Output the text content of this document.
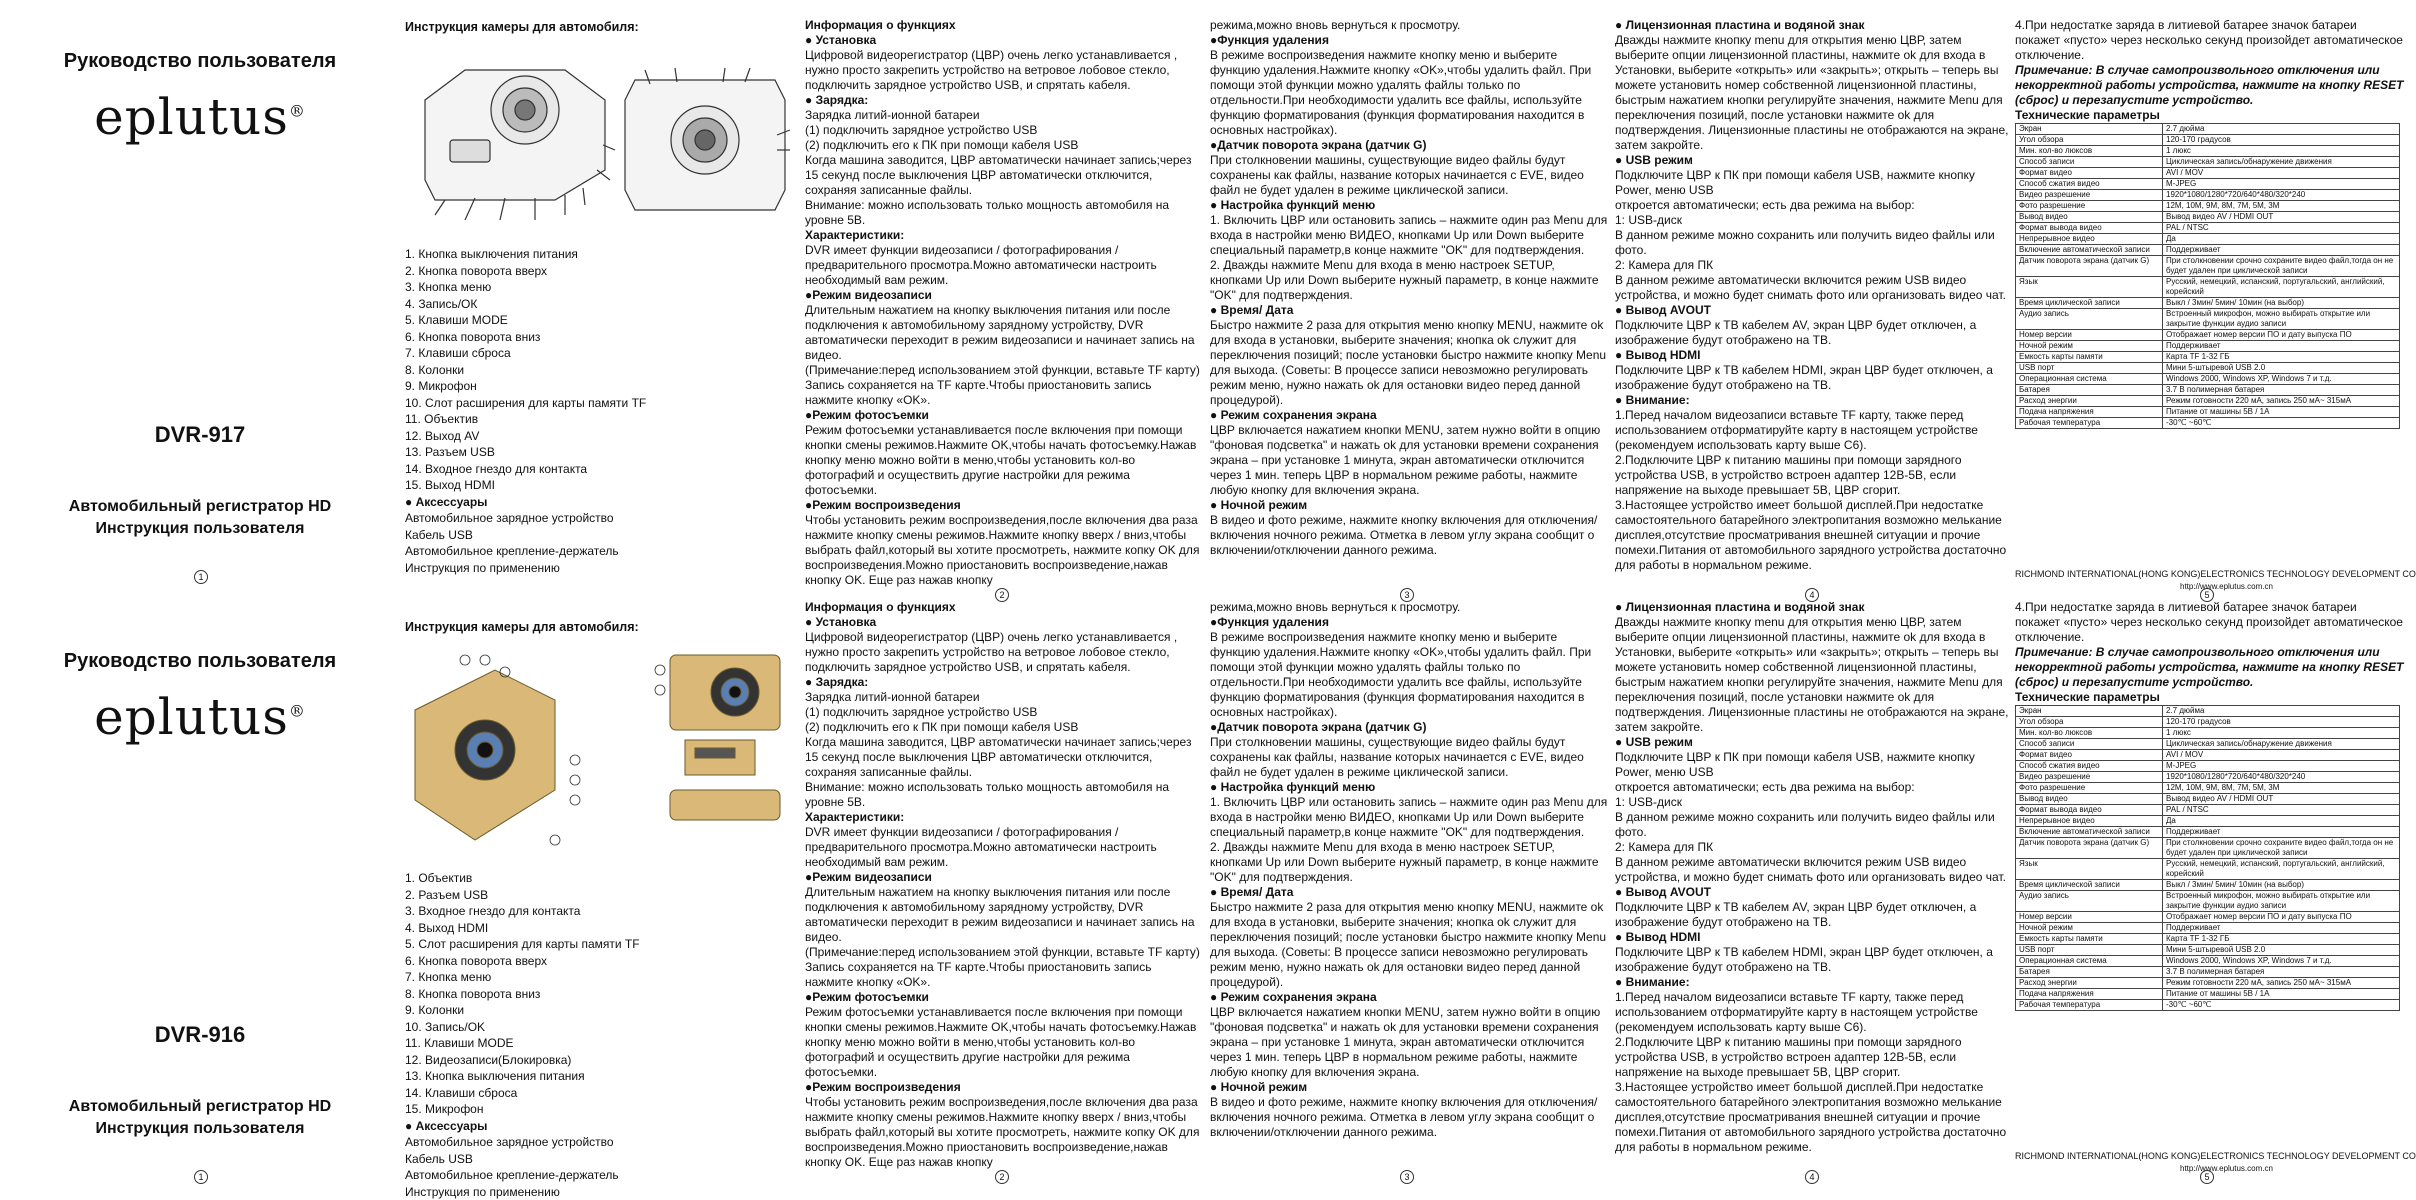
Руководство пользователя
eplutus®
DVR-917
Автомобильный регистратор HD
Инструкция пользователя
1
Инструкция камеры для автомобиля:
1. Кнопка выключения питания
2. Кнопка поворота вверх
3. Кнопка меню
4. Запись/ОК
5. Клавиши MODE
6. Кнопка поворота вниз
7. Клавиши сброса
8. Колонки
9. Микрофон
10. Слот расширения для карты памяти TF
11. Объектив
12. Выход AV
13. Разъем USB
14. Входное гнездо для контакта
15. Выход HDMI
● Аксессуары
Автомобильное зарядное устройство
Кабель USB
Автомобильное крепление-держатель
Инструкция по применению

Информация о функциях

● Установка

Цифровой видеорегистратор (ЦВР) очень легко устанавливается , нужно просто закрепить устройство на ветровое лобовое стекло, подключить зарядное устройство USB, и спрятать кабеля.

● Зарядка:

Зарядка литий-ионной батареи

(1) подключить зарядное устройство USB

(2) подключить его к ПК при помощи кабеля USB

Когда машина заводится, ЦВР автоматически начинает запись;через 15 секунд после выключения ЦВР автоматически отключится, сохраняя записанные файлы.

Внимание: можно использовать только мощность автомобиля на уровне 5В.

Характеристики:

DVR имеет функции видеозаписи / фотографирования / предварительного просмотра.Можно автоматически настроить необходимый вам режим.

●Режим видеозаписи

Длительным нажатием на кнопку выключения питания или после подключения к автомобильному зарядному устройству, DVR автоматически переходит в режим видеозаписи и начинает запись на видео.

(Примечание:перед использованием этой функции, вставьте TF карту) Запись сохраняется на TF карте.Чтобы приостановить запись нажмите кнопку «OK».

●Режим фотосъемки

Режим фотосъемки устанавливается после включения при помощи кнопки смены режимов.Нажмите OK,чтобы начать фотосъемку.Нажав кнопку меню можно войти в меню,чтобы установить кол-во фотографий и осуществить другие настройки для режима фотосъемки.

●Режим воспроизведения

Чтобы установить режим воспроизведения,после включения два раза нажмите кнопку смены режимов.Нажмите кнопку вверх / вниз,чтобы выбрать файл,который вы хотите просмотреть, нажмите копку OK для воспроизведения.Можно приостановить воспроизведение,нажав кнопку OK. Еще раз нажав кнопку

2

режима,можно вновь вернуться к просмотру.

●Функция удаления

В режиме воспроизведения нажмите кнопку меню и выберите функцию удаления.Нажмите кнопку «OK»,чтобы удалить файл. При помощи этой функции можно удалять файлы только по отдельности.При необходимости удалить все файлы, используйте функцию форматирования (функция форматирования находится в основных настройках).

●Датчик поворота экрана (датчик G)

При столкновении машины, существующие видео файлы будут сохранены как файлы, название которых начинается с EVE, видео файл не будет удален в режиме циклической записи.

● Настройка функций меню

1. Включить ЦВР или остановить запись – нажмите один раз Menu для входа в настройки меню ВИДЕО, кнопками Up или Down выберите специальный параметр,в конце нажмите "OK" для подтверждения.

2. Дважды нажмите Menu для входа в меню настроек SETUP, кнопками Up или Down выберите нужный параметр, в конце нажмите "OK" для подтверждения.

● Время/ Дата

Быстро нажмите 2 раза для открытия меню кнопку MENU, нажмите ok для входа в установки, выберите значения; кнопка ok служит для переключения позиций; после установки быстро нажмите кнопку Menu для выхода. (Советы: В процессе записи невозможно регулировать режим меню, нужно нажать ok для остановки видео перед данной процедурой).

● Режим сохранения экрана

ЦВР включается нажатием кнопки MENU, затем нужно войти в опцию "фоновая подсветка" и нажать ok для установки времени сохранения экрана – при установке 1 минута, экран автоматически отключится через 1 мин. теперь ЦВР в нормальном режиме работы, нажмите любую кнопку для включения экрана.

● Ночной режим

В видео и фото режиме, нажмите кнопку включения для отключения/включения ночного режима. Отметка в левом углу экрана сообщит о включении/отключении данного режима.

3

● Лицензионная пластина и водяной знак

Дважды нажмите кнопку menu для открытия меню ЦВР, затем выберите опции лицензионной пластины, нажмите ok для входа в Установки, выберите «открыть» или «закрыть»; открыть – теперь вы можете установить номер собственной лицензионной пластины, быстрым нажатием кнопки регулируйте значения, нажмите Menu для переключения позиций, после установки нажмите ok для подтверждения. Лицензионные пластины не отображаются на экране, затем закройте.

● USB режим

Подключите ЦВР к ПК при помощи кабеля USB, нажмите кнопку Power, меню USB

откроется автоматически; есть два режима на выбор:

1: USB-диск

В данном режиме можно сохранить или получить видео файлы или фото.

2: Камера для ПК

В данном режиме автоматически включится режим USB видео устройства, и можно будет снимать фото или организовать видео чат.

● Вывод AVOUT

Подключите ЦВР к ТВ кабелем AV, экран ЦВР будет отключен, а изображение будут отображено на ТВ.

● Вывод HDMI

Подключите ЦВР к ТВ кабелем HDMI, экран ЦВР будет отключен, а изображение будут отображено на ТВ.

● Внимание:

1.Перед началом видеозаписи вставьте TF карту, также перед использованием отформатируйте карту в настоящем устройстве (рекомендуем использовать карту выше C6).

2.Подключите ЦВР к питанию машины при помощи зарядного устройства USB, в устройство встроен адаптер 12В-5В, если напряжение на выходе превышает 5В, ЦВР сгорит.

3.Настоящее устройство имеет большой дисплей.При недостатке самостоятельного батарейного электропитания возможно мелькание дисплея,отсутствие просматривания внешней ситуации и прочие помехи.Питания от автомобильного зарядного устройства достаточно для работы в нормальном режиме.

4

4.При недостатке заряда в литиевой батарее значок батареи покажет «пусто» через несколько секунд произойдет автоматическое отключение.

Примечание: В случае самопроизвольного отключения или некорректной работы устройства, нажмите на кнопку RESET (сброс) и перезапустите устройство.

Технические параметры

Экран	2.7 дюйма
Угол обзора	120-170 градусов
Мин. кол-во люксов	1 люкс
Способ записи	Циклическая запись/обнаружение движения
Формат видео	AVI / MOV
Способ сжатия видео	M-JPEG
Видео разрешение	1920*1080/1280*720/640*480/320*240
Фото разрешение	12M, 10M, 9M, 8M, 7M, 5M, 3M
Вывод видео	Вывод видео AV / HDMI OUT
Формат вывода видео	PAL / NTSC
Непрерывное видео	Да
Включение автоматической записи	Поддерживает
Датчик поворота экрана (датчик G)	При столкновении срочно сохраните видео файл,тогда он не будет удален при циклической записи
Язык	Русский, немецкий, испанский, португальский, английский, корейский
Время циклической записи	Выкл / 3мин/ 5мин/ 10мин (на выбор)
Аудио запись	Встроенный микрофон, можно выбирать открытие или закрытие функции аудио записи
Номер версии	Отображает номер версии ПО и дату выпуска ПО
Ночной режим	Поддерживает
Емкость карты памяти	Карта TF 1-32 ГБ
USB порт	Мини 5-штыревой USB 2.0
Операционная система	Windows 2000, Windows XP, Windows 7 и т.д.
Батарея	3.7 В полимерная батарея
Расход энергии	Режим готовности 220 мА, запись 250 мА~ 315мА
Подача напряжения	Питание от машины 5В / 1А
Рабочая температура	-30℃ ~60℃
RICHMOND INTERNATIONAL(HONG KONG)ELECTRONICS TECHNOLOGY DEVELOPMENT CO
http://www.eplutus.com.cn
5
Руководство пользователя
eplutus®
DVR-916
Автомобильный регистратор HD
Инструкция пользователя
1
Инструкция камеры для автомобиля:
1. Объектив
2. Разъем USB
3. Входное гнездо для контакта
4. Выход HDMI
5. Слот расширения для карты памяти TF
6. Кнопка поворота вверх
7. Кнопка меню
8. Кнопка поворота вниз
9. Колонки
10. Запись/OK
11. Клавиши MODE
12. Видеозаписи(Блокировка)
13. Кнопка выключения питания
14. Клавиши сброса
15. Микрофон
● Аксессуары
Автомобильное зарядное устройство
Кабель USB
Автомобильное крепление-держатель
Инструкция по применению

Информация о функциях

● Установка

Цифровой видеорегистратор (ЦВР) очень легко устанавливается , нужно просто закрепить устройство на ветровое лобовое стекло, подключить зарядное устройство USB, и спрятать кабеля.

● Зарядка:

Зарядка литий-ионной батареи

(1) подключить зарядное устройство USB

(2) подключить его к ПК при помощи кабеля USB

Когда машина заводится, ЦВР автоматически начинает запись;через 15 секунд после выключения ЦВР автоматически отключится, сохраняя записанные файлы.

Внимание: можно использовать только мощность автомобиля на уровне 5В.

Характеристики:

DVR имеет функции видеозаписи / фотографирования / предварительного просмотра.Можно автоматически настроить необходимый вам режим.

●Режим видеозаписи

Длительным нажатием на кнопку выключения питания или после подключения к автомобильному зарядному устройству, DVR автоматически переходит в режим видеозаписи и начинает запись на видео.

(Примечание:перед использованием этой функции, вставьте TF карту) Запись сохраняется на TF карте.Чтобы приостановить запись нажмите кнопку «OK».

●Режим фотосъемки

Режим фотосъемки устанавливается после включения при помощи кнопки смены режимов.Нажмите OK,чтобы начать фотосъемку.Нажав кнопку меню можно войти в меню,чтобы установить кол-во фотографий и осуществить другие настройки для режима фотосъемки.

●Режим воспроизведения

Чтобы установить режим воспроизведения,после включения два раза нажмите кнопку смены режимов.Нажмите кнопку вверх / вниз,чтобы выбрать файл,который вы хотите просмотреть, нажмите копку OK для воспроизведения.Можно приостановить воспроизведение,нажав кнопку OK. Еще раз нажав кнопку

2

режима,можно вновь вернуться к просмотру.

●Функция удаления

В режиме воспроизведения нажмите кнопку меню и выберите функцию удаления.Нажмите кнопку «OK»,чтобы удалить файл. При помощи этой функции можно удалять файлы только по отдельности.При необходимости удалить все файлы, используйте функцию форматирования (функция форматирования находится в основных настройках).

●Датчик поворота экрана (датчик G)

При столкновении машины, существующие видео файлы будут сохранены как файлы, название которых начинается с EVE, видео файл не будет удален в режиме циклической записи.

● Настройка функций меню

1. Включить ЦВР или остановить запись – нажмите один раз Menu для входа в настройки меню ВИДЕО, кнопками Up или Down выберите специальный параметр,в конце нажмите "OK" для подтверждения.

2. Дважды нажмите Menu для входа в меню настроек SETUP, кнопками Up или Down выберите нужный параметр, в конце нажмите "OK" для подтверждения.

● Время/ Дата

Быстро нажмите 2 раза для открытия меню кнопку MENU, нажмите ok для входа в установки, выберите значения; кнопка ok служит для переключения позиций; после установки быстро нажмите кнопку Menu для выхода. (Советы: В процессе записи невозможно регулировать режим меню, нужно нажать ok для остановки видео перед данной процедурой).

● Режим сохранения экрана

ЦВР включается нажатием кнопки MENU, затем нужно войти в опцию "фоновая подсветка" и нажать ok для установки времени сохранения экрана – при установке 1 минута, экран автоматически отключится через 1 мин. теперь ЦВР в нормальном режиме работы, нажмите любую кнопку для включения экрана.

● Ночной режим

В видео и фото режиме, нажмите кнопку включения для отключения/включения ночного режима. Отметка в левом углу экрана сообщит о включении/отключении данного режима.

3

● Лицензионная пластина и водяной знак

Дважды нажмите кнопку menu для открытия меню ЦВР, затем выберите опции лицензионной пластины, нажмите ok для входа в Установки, выберите «открыть» или «закрыть»; открыть – теперь вы можете установить номер собственной лицензионной пластины, быстрым нажатием кнопки регулируйте значения, нажмите Menu для переключения позиций, после установки нажмите ok для подтверждения. Лицензионные пластины не отображаются на экране, затем закройте.

● USB режим

Подключите ЦВР к ПК при помощи кабеля USB, нажмите кнопку Power, меню USB

откроется автоматически; есть два режима на выбор:

1: USB-диск

В данном режиме можно сохранить или получить видео файлы или фото.

2: Камера для ПК

В данном режиме автоматически включится режим USB видео устройства, и можно будет снимать фото или организовать видео чат.

● Вывод AVOUT

Подключите ЦВР к ТВ кабелем AV, экран ЦВР будет отключен, а изображение будут отображено на ТВ.

● Вывод HDMI

Подключите ЦВР к ТВ кабелем HDMI, экран ЦВР будет отключен, а изображение будут отображено на ТВ.

● Внимание:

1.Перед началом видеозаписи вставьте TF карту, также перед использованием отформатируйте карту в настоящем устройстве (рекомендуем использовать карту выше C6).

2.Подключите ЦВР к питанию машины при помощи зарядного устройства USB, в устройство встроен адаптер 12В-5В, если напряжение на выходе превышает 5В, ЦВР сгорит.

3.Настоящее устройство имеет большой дисплей.При недостатке самостоятельного батарейного электропитания возможно мелькание дисплея,отсутствие просматривания внешней ситуации и прочие помехи.Питания от автомобильного зарядного устройства достаточно для работы в нормальном режиме.

4

4.При недостатке заряда в литиевой батарее значок батареи покажет «пусто» через несколько секунд произойдет автоматическое отключение.

Примечание: В случае самопроизвольного отключения или некорректной работы устройства, нажмите на кнопку RESET (сброс) и перезапустите устройство.

Технические параметры

Экран	2.7 дюйма
Угол обзора	120-170 градусов
Мин. кол-во люксов	1 люкс
Способ записи	Циклическая запись/обнаружение движения
Формат видео	AVI / MOV
Способ сжатия видео	M-JPEG
Видео разрешение	1920*1080/1280*720/640*480/320*240
Фото разрешение	12M, 10M, 9M, 8M, 7M, 5M, 3M
Вывод видео	Вывод видео AV / HDMI OUT
Формат вывода видео	PAL / NTSC
Непрерывное видео	Да
Включение автоматической записи	Поддерживает
Датчик поворота экрана (датчик G)	При столкновении срочно сохраните видео файл,тогда он не будет удален при циклической записи
Язык	Русский, немецкий, испанский, португальский, английский, корейский
Время циклической записи	Выкл / 3мин/ 5мин/ 10мин (на выбор)
Аудио запись	Встроенный микрофон, можно выбирать открытие или закрытие функции аудио записи
Номер версии	Отображает номер версии ПО и дату выпуска ПО
Ночной режим	Поддерживает
Емкость карты памяти	Карта TF 1-32 ГБ
USB порт	Мини 5-штыревой USB 2.0
Операционная система	Windows 2000, Windows XP, Windows 7 и т.д.
Батарея	3.7 В полимерная батарея
Расход энергии	Режим готовности 220 мА, запись 250 мА~ 315мА
Подача напряжения	Питание от машины 5В / 1А
Рабочая температура	-30℃ ~60℃
RICHMOND INTERNATIONAL(HONG KONG)ELECTRONICS TECHNOLOGY DEVELOPMENT CO
http://www.eplutus.com.cn
5
